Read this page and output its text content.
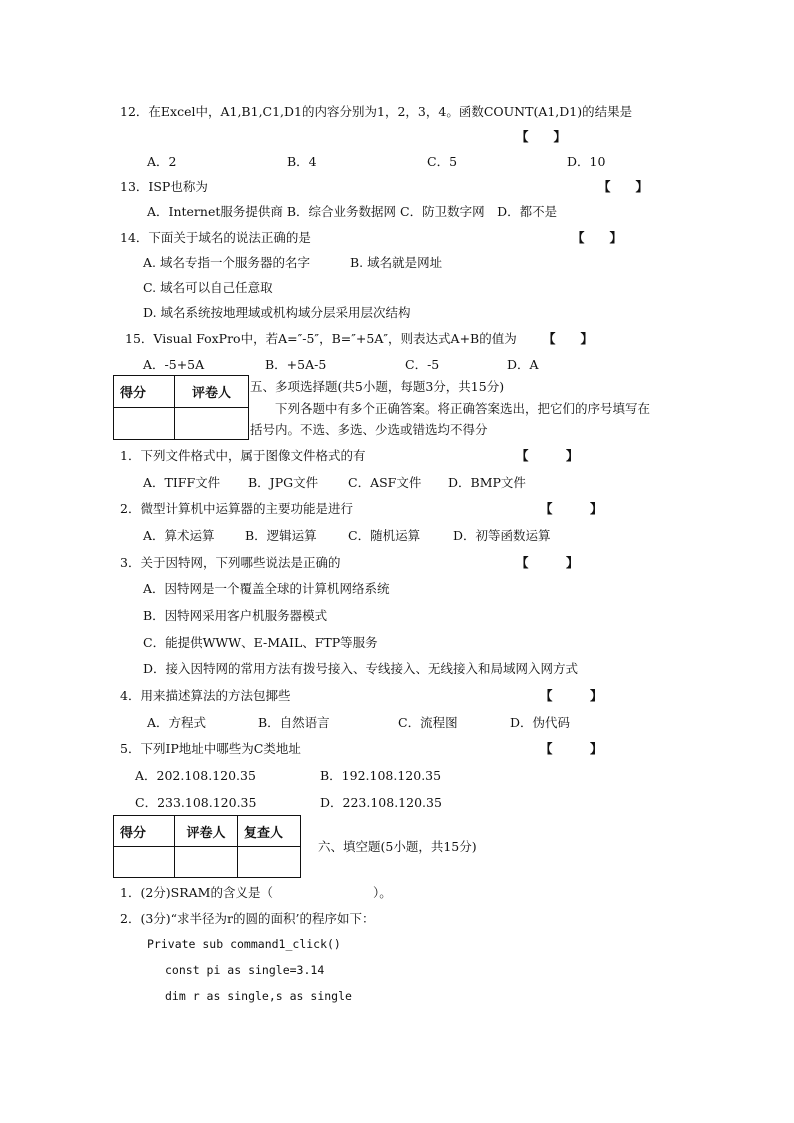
12．在Excel中，A1,B1,C1,D1的内容分别为1，2，3，4。函数COUNT(A1,D1)的结果是
【　　】
A．2	B．4	C．5	D．10
13．ISP也称为	【　　】
A．Internet服务提供商 B．综合业务数据网 C．防卫数字网　D．都不是
14．下面关于域名的说法正确的是	【　　】
A. 域名专指一个服务器的名字	B. 域名就是网址
C. 域名可以自己任意取
D. 域名系统按地理域或机构域分层采用层次结构
15．Visual FoxPro中，若A=″-5″，B=″+5A″，则表达式A+B的值为 【　　】
A．-5+5A	B．+5A-5	C．-5	D．A
得分	评卷人
	五、多项选择题(共5小题，每题3分，共15分)
下列各题中有多个正确答案。将正确答案选出，把它们的序号填写在
括号内。不选、多选、少选或错选均不得分
1．下列文件格式中，属于图像文件格式的有	【　　　】
A．TIFF文件 B．JPG文件 C．ASF文件 D．BMP文件
2．微型计算机中运算器的主要功能是进行	【　　　】
A．算术运算 B．逻辑运算	C．随机运算	D．初等函数运算
3．关于因特网，下列哪些说法是正确的	【　　　】
A．因特网是一个覆盖全球的计算机网络系统
B．因特网采用客户机服务器模式
C．能提供WWW、E-MAIL、FTP等服务
D．接入因特网的常用方法有拨号接入、专线接入、无线接入和局域网入网方式
4．用来描述算法的方法包揶些	【　　　】
A．方程式	B．自然语言	C．流程图	D．伪代码
5．下列IP地址中哪些为C类地址	【　　　】
A．202.108.120.35	B．192.108.120.35
C．233.108.120.35	D．223.108.120.35
得分	评卷人	复查人

六、填空题(5小题，共15分)
1．(2分)SRAM的含义是（　　　　　　　　）。
2．(3分)“求半径为r的圆的面积’的程序如下：
Private sub command1_click()
const pi as single=3.14
dim r as single,s as single
